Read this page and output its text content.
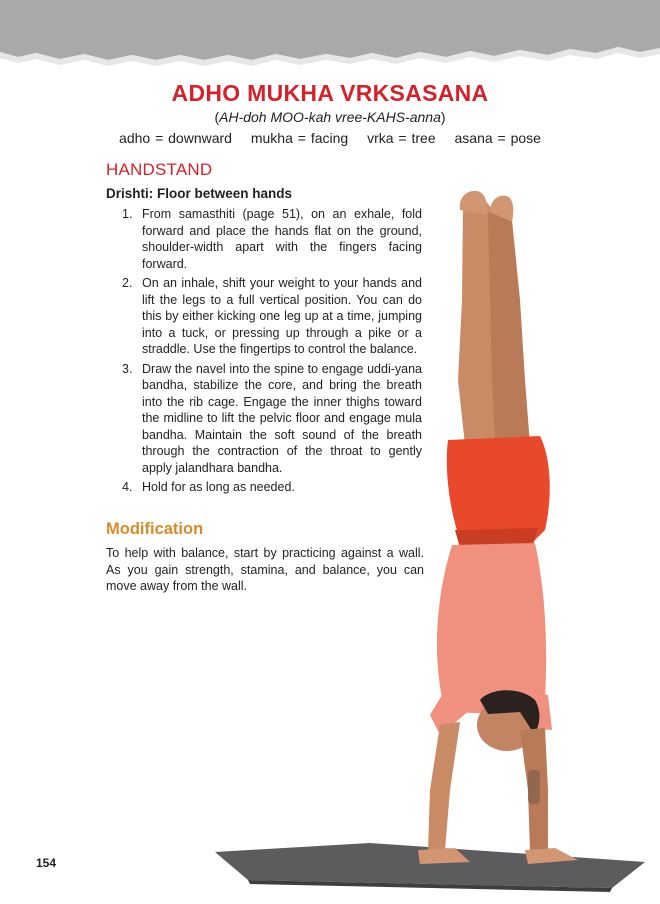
ADHO MUKHA VRKSASANA
(AH-doh MOO-kah vree-KAHS-anna)
adho = downward mukha = facing vrka = tree asana = pose
HANDSTAND
Drishti: Floor between hands
1. From samasthiti (page 51), on an exhale, fold forward and place the hands flat on the ground, shoulder-width apart with the fingers facing forward.
2. On an inhale, shift your weight to your hands and lift the legs to a full vertical position. You can do this by either kicking one leg up at a time, jumping into a tuck, or pressing up through a pike or a straddle. Use the fingertips to control the balance.
3. Draw the navel into the spine to engage uddi-yana bandha, stabilize the core, and bring the breath into the rib cage. Engage the inner thighs toward the midline to lift the pelvic floor and engage mula bandha. Maintain the soft sound of the breath through the contraction of the throat to gently apply jalandhara bandha.
4. Hold for as long as needed.
Modification
To help with balance, start by practicing against a wall. As you gain strength, stamina, and balance, you can move away from the wall.
154
